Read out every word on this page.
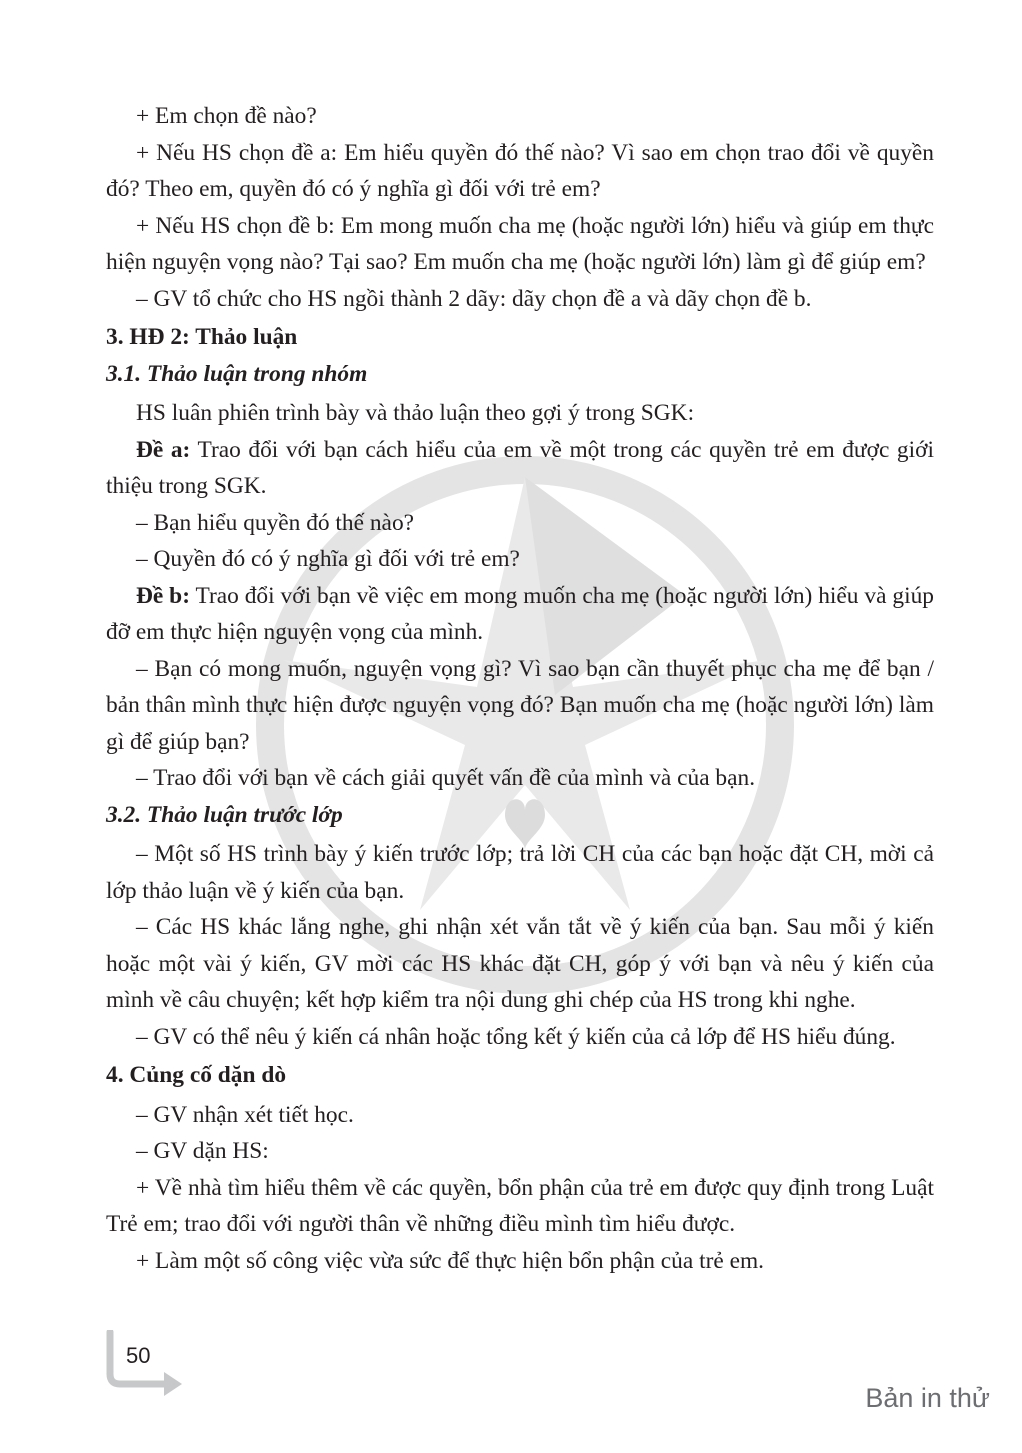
+ Em chọn đề nào?

+ Nếu HS chọn đề a: Em hiểu quyền đó thế nào? Vì sao em chọn trao đổi về quyền đó? Theo em, quyền đó có ý nghĩa gì đối với trẻ em?

+ Nếu HS chọn đề b: Em mong muốn cha mẹ (hoặc người lớn) hiểu và giúp em thực hiện nguyện vọng nào? Tại sao? Em muốn cha mẹ (hoặc người lớn) làm gì để giúp em?

– GV tổ chức cho HS ngồi thành 2 dãy: dãy chọn đề a và dãy chọn đề b.

3. HĐ 2: Thảo luận

3.1. Thảo luận trong nhóm

HS luân phiên trình bày và thảo luận theo gợi ý trong SGK:

Đề a: Trao đổi với bạn cách hiểu của em về một trong các quyền trẻ em được giới thiệu trong SGK.

– Bạn hiểu quyền đó thế nào?

– Quyền đó có ý nghĩa gì đối với trẻ em?

Đề b: Trao đổi với bạn về việc em mong muốn cha mẹ (hoặc người lớn) hiểu và giúp đỡ em thực hiện nguyện vọng của mình.

– Bạn có mong muốn, nguyện vọng gì? Vì sao bạn cần thuyết phục cha mẹ để bạn / bản thân mình thực hiện được nguyện vọng đó? Bạn muốn cha mẹ (hoặc người lớn) làm gì để giúp bạn?

– Trao đổi với bạn về cách giải quyết vấn đề của mình và của bạn.

3.2. Thảo luận trước lớp

– Một số HS trình bày ý kiến trước lớp; trả lời CH của các bạn hoặc đặt CH, mời cả lớp thảo luận về ý kiến của bạn.

– Các HS khác lắng nghe, ghi nhận xét vắn tắt về ý kiến của bạn. Sau mỗi ý kiến hoặc một vài ý kiến, GV mời các HS khác đặt CH, góp ý với bạn và nêu ý kiến của mình về câu chuyện; kết hợp kiểm tra nội dung ghi chép của HS trong khi nghe.

– GV có thể nêu ý kiến cá nhân hoặc tổng kết ý kiến của cả lớp để HS hiểu đúng.

4. Củng cố dặn dò

– GV nhận xét tiết học.

– GV dặn HS:

+ Về nhà tìm hiểu thêm về các quyền, bổn phận của trẻ em được quy định trong Luật Trẻ em; trao đổi với người thân về những điều mình tìm hiểu được.

+ Làm một số công việc vừa sức để thực hiện bổn phận của trẻ em.

50
Bản in thử
